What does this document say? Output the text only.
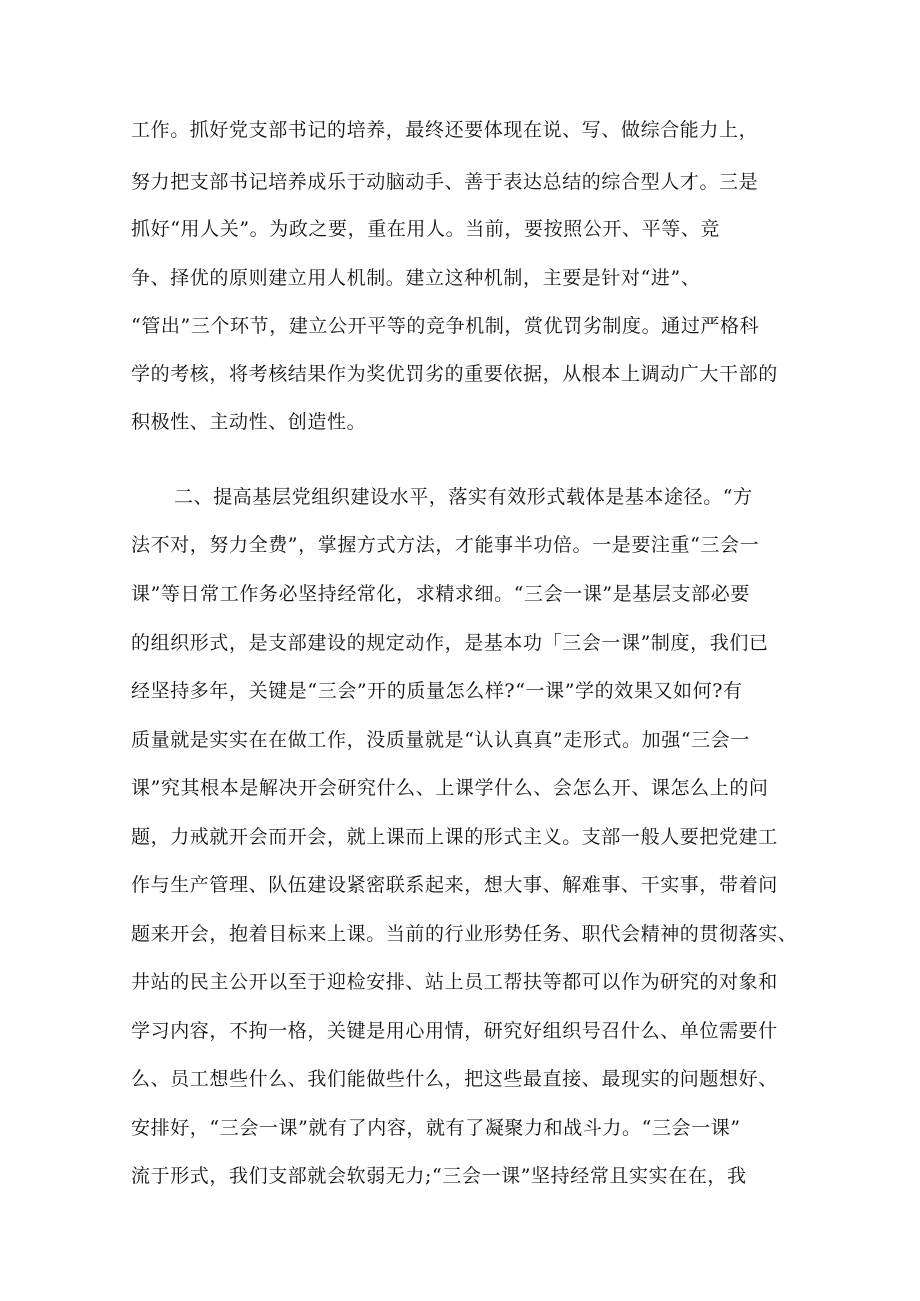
工作。抓好党支部书记的培养，最终还要体现在说、写、做综合能力上，
努力把支部书记培养成乐于动脑动手、善于表达总结的综合型人才。三是
抓好“用人关”。为政之要，重在用人。当前，要按照公开、平等、竞
争、择优的原则建立用人机制。建立这种机制，主要是针对“进”、
“管出”三个环节，建立公开平等的竞争机制，赏优罚劣制度。通过严格科
学的考核，将考核结果作为奖优罚劣的重要依据，从根本上调动广大干部的
积极性、主动性、创造性。
二、提高基层党组织建设水平，落实有效形式载体是基本途径。“方
法不对，努力全费”，掌握方式方法，才能事半功倍。一是要注重“三会一
课”等日常工作务必坚持经常化，求精求细。“三会一课”是基层支部必要
的组织形式，是支部建设的规定动作，是基本功「三会一课”制度，我们已
经坚持多年，关键是“三会”开的质量怎么样?“一课”学的效果又如何?有
质量就是实实在在做工作，没质量就是“认认真真”走形式。加强“三会一
课”究其根本是解决开会研究什么、上课学什么、会怎么开、课怎么上的问
题，力戒就开会而开会，就上课而上课的形式主义。支部一般人要把党建工
作与生产管理、队伍建设紧密联系起来，想大事、解难事、干实事，带着问
题来开会，抱着目标来上课。当前的行业形势任务、职代会精神的贯彻落实、
井站的民主公开以至于迎检安排、站上员工帮扶等都可以作为研究的对象和
学习内容，不拘一格，关键是用心用情，研究好组织号召什么、单位需要什
么、员工想些什么、我们能做些什么，把这些最直接、最现实的问题想好、
安排好，“三会一课”就有了内容，就有了凝聚力和战斗力。“三会一课”
流于形式，我们支部就会软弱无力;“三会一课”坚持经常且实实在在，我
